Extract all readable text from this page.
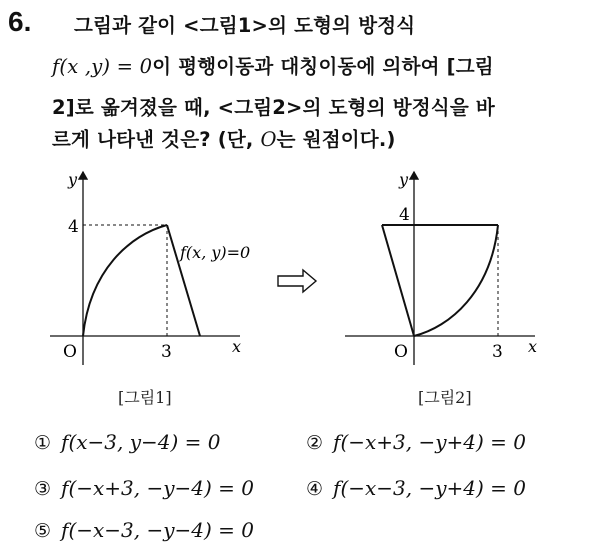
6. 그림과 같이 <그림1>의 도형의 방정식
f(x ,y) = 0이 평행이동과 대칭이동에 의하여 [그림
2]로 옮겨졌을 때, <그림2>의 도형의 방정식을 바
르게 나타낸 것은? (단, O는 원점이다.)
y
x
O
4
3
f(x, y)=0
y
x
O
4
3
[그림1]	[그림2]
① f(x−3, y−4) = 0	② f(−x+3, −y+4) = 0
③ f(−x+3, −y−4) = 0	④ f(−x−3, −y+4) = 0
⑤ f(−x−3, −y−4) = 0
